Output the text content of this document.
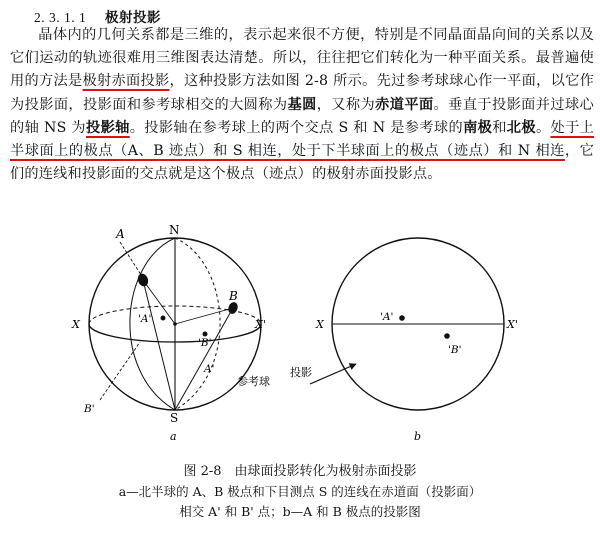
2. 3. 1. 1 极射投影
晶体内的几何关系都是三维的，表示起来很不方便，特别是不同晶面晶向间的关系以及它们运动的轨迹很难用三维图表达清楚。所以，往往把它们转化为一种平面关系。最普遍使用的方法是极射赤面投影，这种投影方法如图 2-8 所示。先过参考球球心作一平面，以它作为投影面，投影面和参考球相交的大圆称为基圆，又称为赤道平面。垂直于投影面并过球心的轴 NS 为投影轴。投影轴在参考球上的两个交点 S 和 N 是参考球的南极和北极。处于上半球面上的极点（A、B 迹点）和 S 相连，处于下半球面上的极点（迹点）和 N 相连，它们的连线和投影面的交点就是这个极点（迹点）的极射赤面投影点。
A	N
B
'A'
'B'
X	X'
A'
B'
S
参考球
a
投影
'A'
'B'
X	X'
b
图 2-8　由球面投影转化为极射赤面投影
a—北半球的 A、B 极点和下目测点 S 的连线在赤道面（投影面）
相交 A' 和 B' 点；b—A 和 B 极点的投影图
